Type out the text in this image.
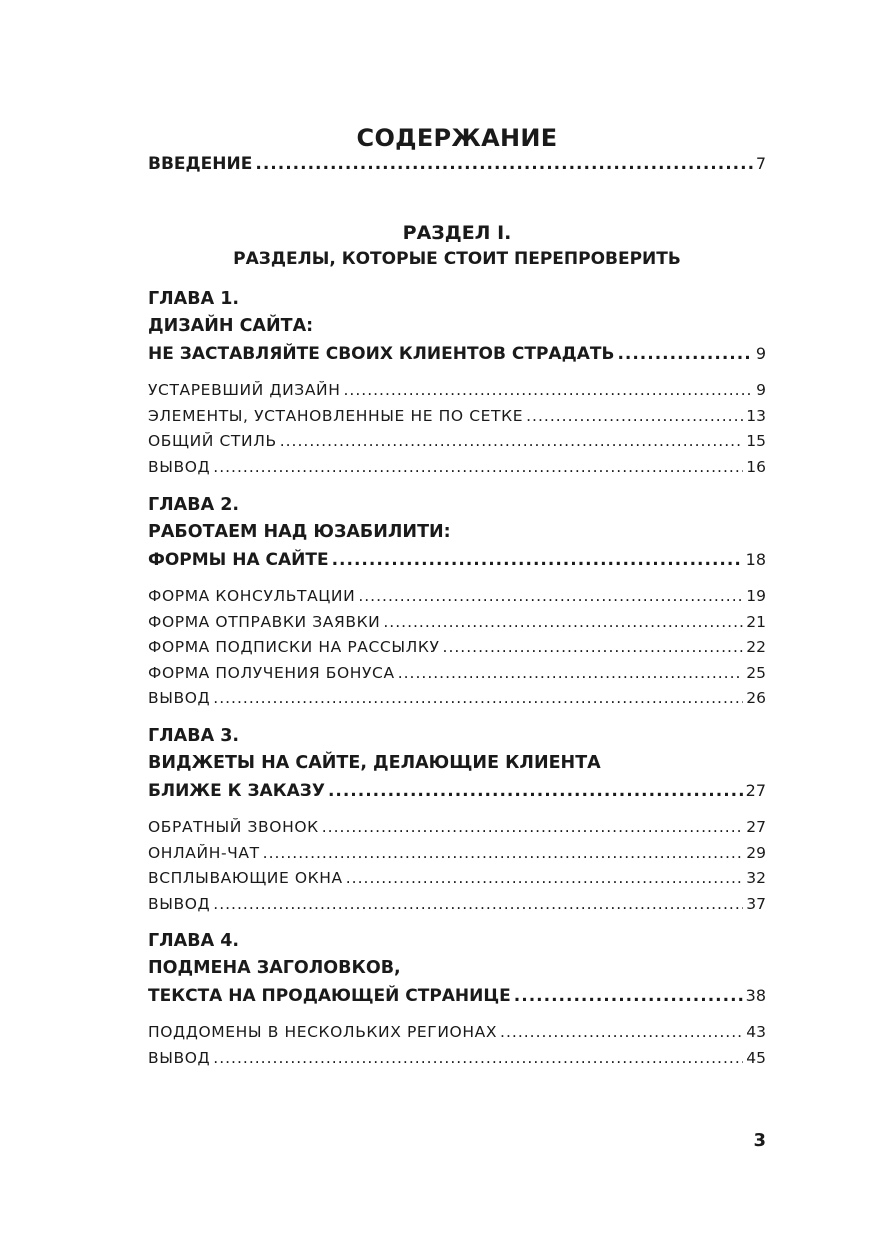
СОДЕРЖАНИЕ
ВВЕДЕНИЕ .....	7
РАЗДЕЛ I.
РАЗДЕЛЫ, КОТОРЫЕ СТОИТ ПЕРЕПРОВЕРИТЬ
ГЛАВА 1.
ДИЗАЙН САЙТА:
НЕ ЗАСТАВЛЯЙТЕ СВОИХ КЛИЕНТОВ СТРАДАТЬ .....	9
УСТАРЕВШИЙ ДИЗАЙН .....	9
ЭЛЕМЕНТЫ, УСТАНОВЛЕННЫЕ НЕ ПО СЕТКЕ .....	13
ОБЩИЙ СТИЛЬ .....	15
ВЫВОД .....	16
ГЛАВА 2.
РАБОТАЕМ НАД ЮЗАБИЛИТИ:
ФОРМЫ НА САЙТЕ .....	18
ФОРМА КОНСУЛЬТАЦИИ .....	19
ФОРМА ОТПРАВКИ ЗАЯВКИ .....	21
ФОРМА ПОДПИСКИ НА РАССЫЛКУ .....	22
ФОРМА ПОЛУЧЕНИЯ БОНУСА .....	25
ВЫВОД .....	26
ГЛАВА 3.
ВИДЖЕТЫ НА САЙТЕ, ДЕЛАЮЩИЕ КЛИЕНТА
БЛИЖЕ К ЗАКАЗУ .....	27
ОБРАТНЫЙ ЗВОНОК .....	27
ОНЛАЙН-ЧАТ .....	29
ВСПЛЫВАЮЩИЕ ОКНА .....	32
ВЫВОД .....	37
ГЛАВА 4.
ПОДМЕНА ЗАГОЛОВКОВ,
ТЕКСТА НА ПРОДАЮЩЕЙ СТРАНИЦЕ .....	38
ПОДДОМЕНЫ В НЕСКОЛЬКИХ РЕГИОНАХ .....	43
ВЫВОД .....	45
3
